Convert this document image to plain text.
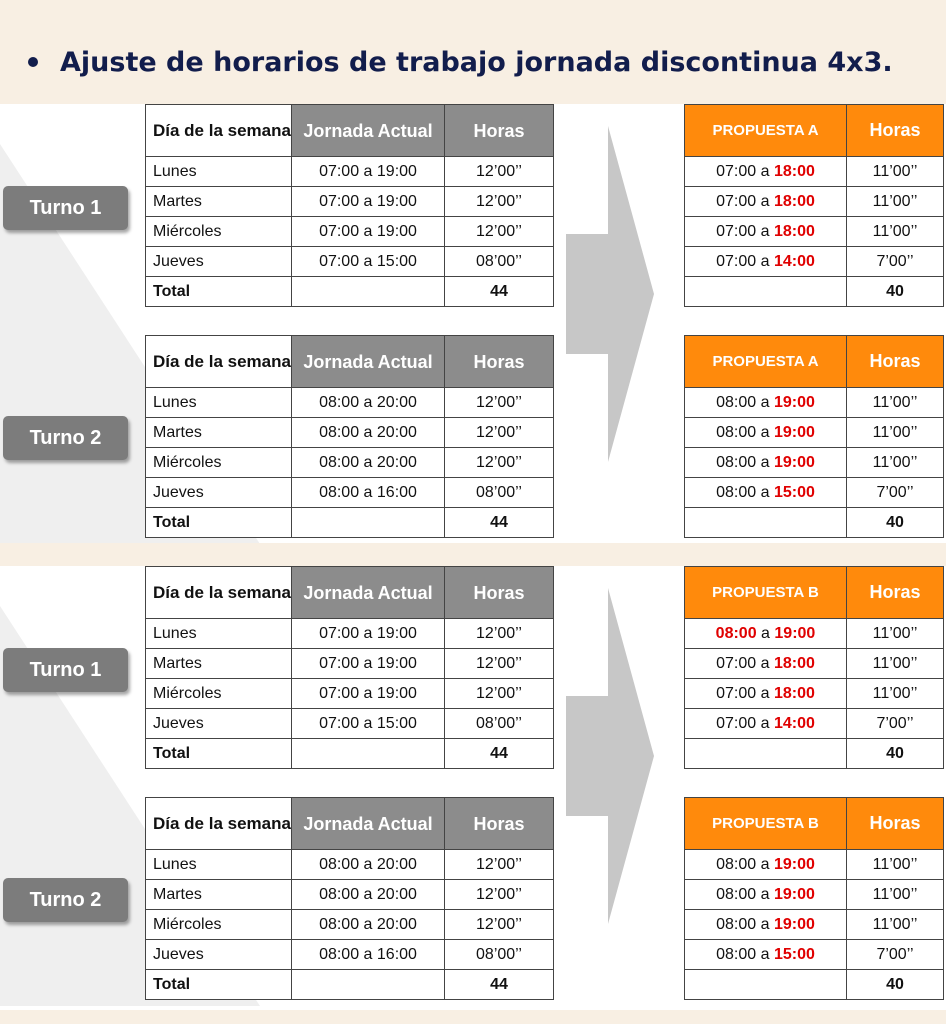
Ajuste de horarios de trabajo jornada discontinua 4x3.
Día de la semana	Jornada Actual	Horas
Lunes	07:00 a 19:00	12’00’’
Martes	07:00 a 19:00	12’00’’
Miércoles	07:00 a 19:00	12’00’’
Jueves	07:00 a 15:00	08’00’’
Total		44
PROPUESTA A	Horas
07:00 a 18:00	11’00’’
07:00 a 18:00	11’00’’
07:00 a 18:00	11’00’’
07:00 a 14:00	7’00’’
	40
Día de la semana	Jornada Actual	Horas
Lunes	08:00 a 20:00	12’00’’
Martes	08:00 a 20:00	12’00’’
Miércoles	08:00 a 20:00	12’00’’
Jueves	08:00 a 16:00	08’00’’
Total		44
PROPUESTA A	Horas
08:00 a 19:00	11’00’’
08:00 a 19:00	11’00’’
08:00 a 19:00	11’00’’
08:00 a 15:00	7’00’’
	40
Turno 1
Turno 2
Día de la semana	Jornada Actual	Horas
Lunes	07:00 a 19:00	12’00’’
Martes	07:00 a 19:00	12’00’’
Miércoles	07:00 a 19:00	12’00’’
Jueves	07:00 a 15:00	08’00’’
Total		44
PROPUESTA B	Horas
08:00 a 19:00	11’00’’
07:00 a 18:00	11’00’’
07:00 a 18:00	11’00’’
07:00 a 14:00	7’00’’
	40
Día de la semana	Jornada Actual	Horas
Lunes	08:00 a 20:00	12’00’’
Martes	08:00 a 20:00	12’00’’
Miércoles	08:00 a 20:00	12’00’’
Jueves	08:00 a 16:00	08’00’’
Total		44
PROPUESTA B	Horas
08:00 a 19:00	11’00’’
08:00 a 19:00	11’00’’
08:00 a 19:00	11’00’’
08:00 a 15:00	7’00’’
	40
Turno 1
Turno 2
